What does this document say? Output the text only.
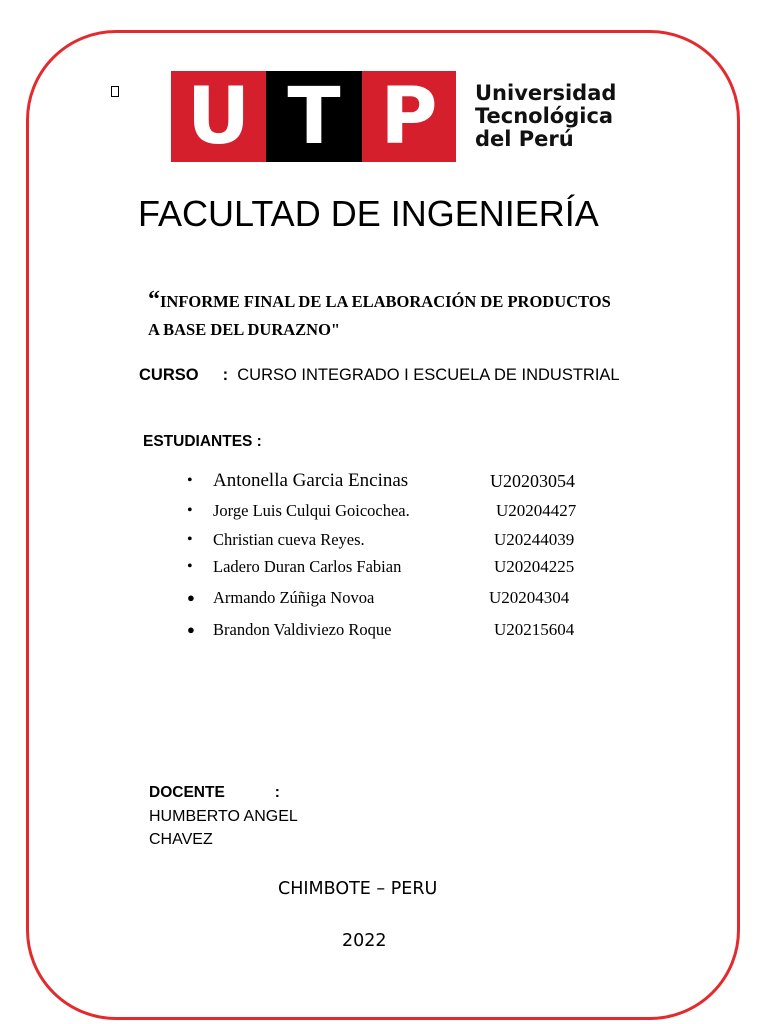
U T P	Universidad
Tecnológica
del Perú
FACULTAD DE INGENIERÍA
“INFORME FINAL DE LA ELABORACIÓN DE PRODUCTOS
A BASE DEL DURAZNO"
CURSO : CURSO INTEGRADO I ESCUELA DE INDUSTRIAL
ESTUDIANTES :
• Antonella Garcia Encinas	U20203054
• Jorge Luis Culqui Goicochea.	U20204427
• Christian cueva Reyes.	U20244039
• Ladero Duran Carlos Fabian	U20204225
● Armando Zúñiga Novoa	U20204304
● Brandon Valdiviezo Roque	U20215604
DOCENTE	:
HUMBERTO ANGEL CHAVEZ
CHIMBOTE – PERU
2022
